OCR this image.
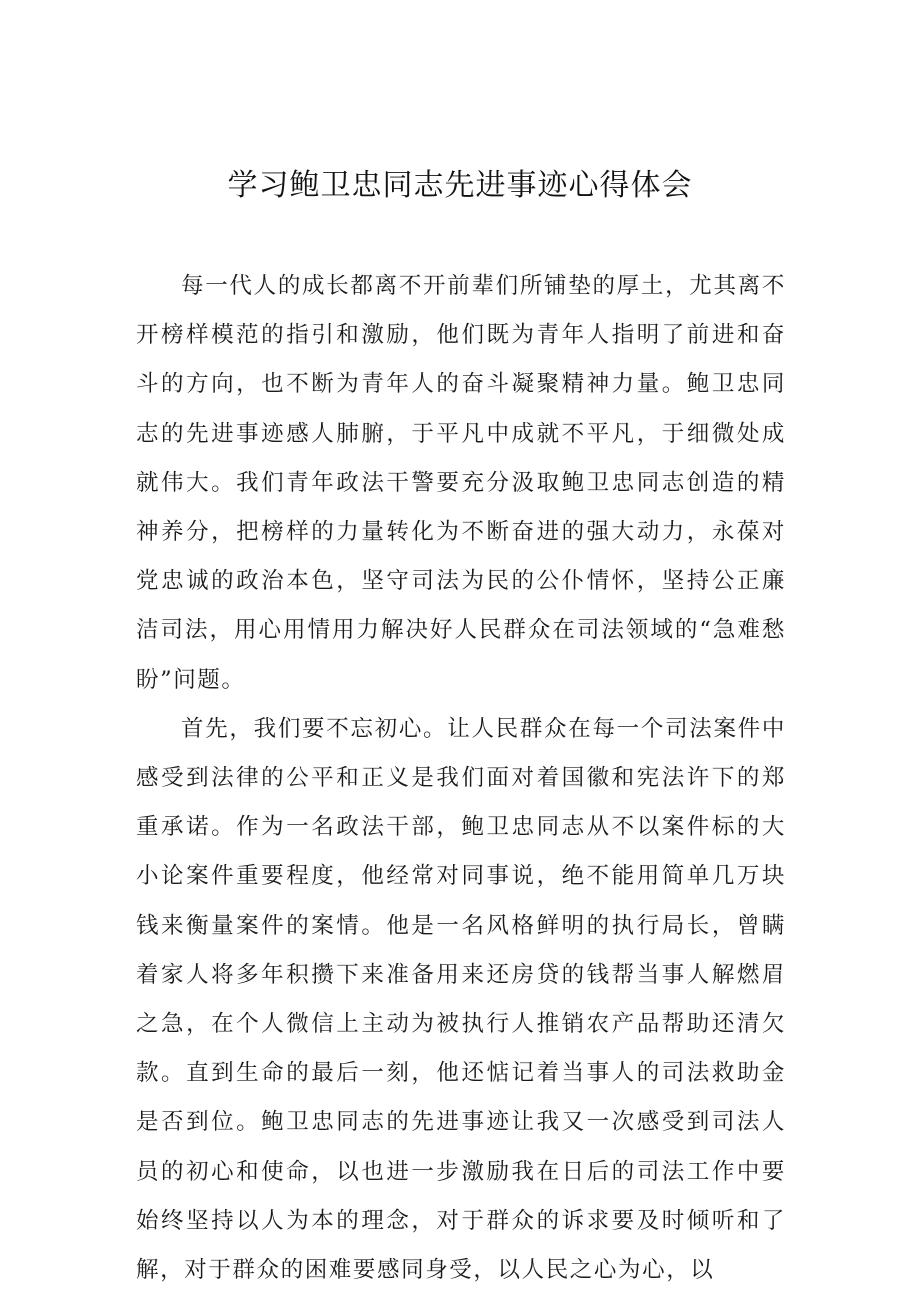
学习鲍卫忠同志先进事迹心得体会

每一代人的成长都离不开前辈们所铺垫的厚土，尤其离不开榜样模范的指引和激励，他们既为青年人指明了前进和奋斗的方向，也不断为青年人的奋斗凝聚精神力量。鲍卫忠同志的先进事迹感人肺腑，于平凡中成就不平凡，于细微处成就伟大。我们青年政法干警要充分汲取鲍卫忠同志创造的精神养分，把榜样的力量转化为不断奋进的强大动力，永葆对党忠诚的政治本色，坚守司法为民的公仆情怀，坚持公正廉洁司法，用心用情用力解决好人民群众在司法领域的“急难愁盼”问题。

首先，我们要不忘初心。让人民群众在每一个司法案件中感受到法律的公平和正义是我们面对着国徽和宪法许下的郑重承诺。作为一名政法干部，鲍卫忠同志从不以案件标的大小论案件重要程度，他经常对同事说，绝不能用简单几万块钱来衡量案件的案情。他是一名风格鲜明的执行局长，曾瞒着家人将多年积攒下来准备用来还房贷的钱帮当事人解燃眉之急，在个人微信上主动为被执行人推销农产品帮助还清欠款。直到生命的最后一刻，他还惦记着当事人的司法救助金是否到位。鲍卫忠同志的先进事迹让我又一次感受到司法人员的初心和使命，以也进一步激励我在日后的司法工作中要始终坚持以人为本的理念，对于群众的诉求要及时倾听和了解，对于群众的困难要感同身受，以人民之心为心，以
